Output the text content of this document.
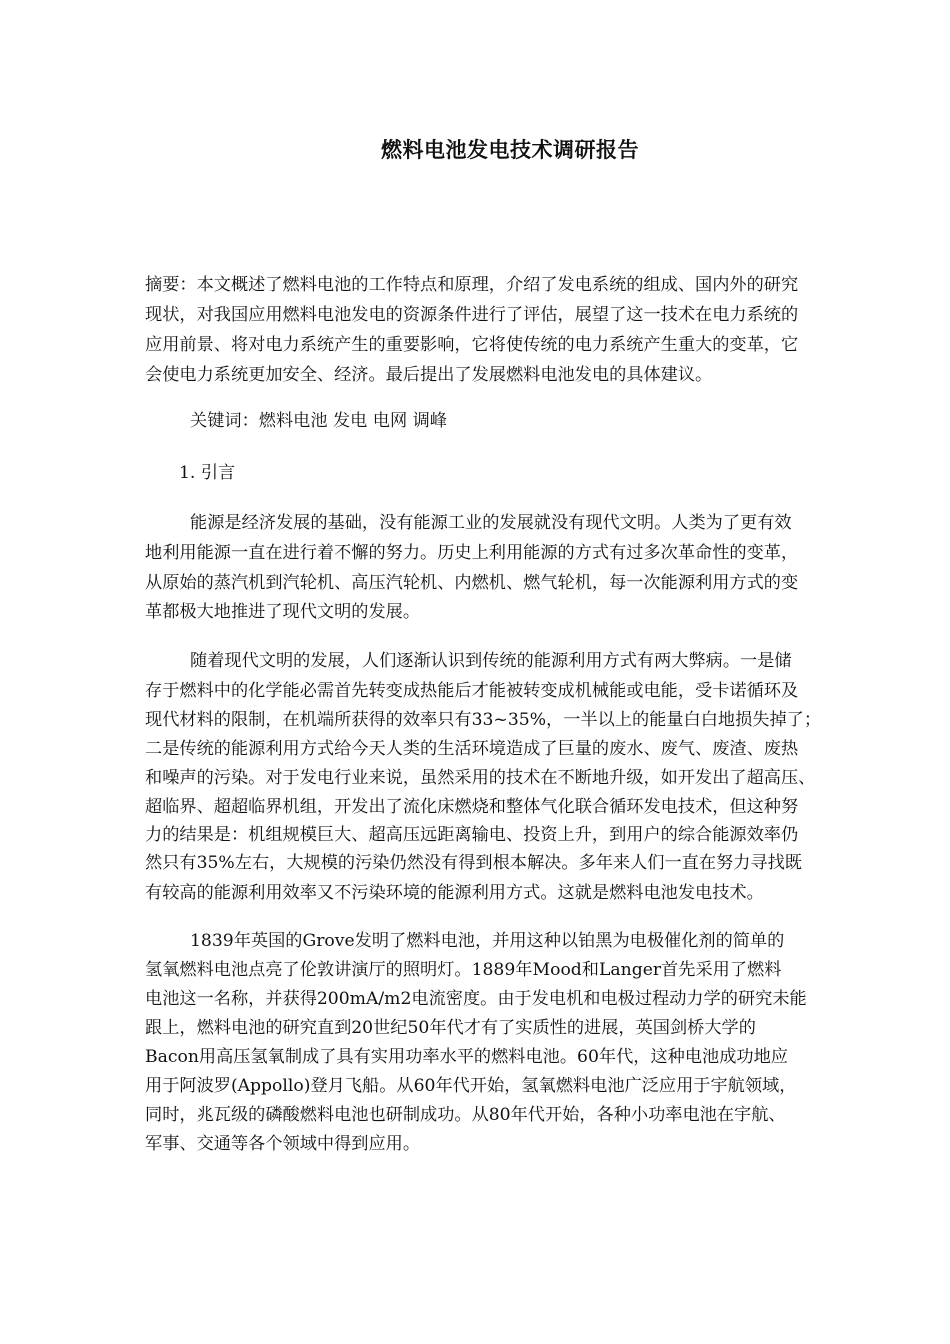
燃料电池发电技术调研报告
摘要：本文概述了燃料电池的工作特点和原理，介绍了发电系统的组成、国内外的研究
现状，对我国应用燃料电池发电的资源条件进行了评估，展望了这一技术在电力系统的
应用前景、将对电力系统产生的重要影响，它将使传统的电力系统产生重大的变革，它
会使电力系统更加安全、经济。最后提出了发展燃料电池发电的具体建议。
关键词：燃料电池 发电 电网 调峰
1. 引言
能源是经济发展的基础，没有能源工业的发展就没有现代文明。人类为了更有效
地利用能源一直在进行着不懈的努力。历史上利用能源的方式有过多次革命性的变革，
从原始的蒸汽机到汽轮机、高压汽轮机、内燃机、燃气轮机，每一次能源利用方式的变
革都极大地推进了现代文明的发展。
随着现代文明的发展，人们逐渐认识到传统的能源利用方式有两大弊病。一是储
存于燃料中的化学能必需首先转变成热能后才能被转变成机械能或电能，受卡诺循环及
现代材料的限制，在机端所获得的效率只有33~35%，一半以上的能量白白地损失掉了；
二是传统的能源利用方式给今天人类的生活环境造成了巨量的废水、废气、废渣、废热
和噪声的污染。对于发电行业来说，虽然采用的技术在不断地升级，如开发出了超高压、
超临界、超超临界机组，开发出了流化床燃烧和整体气化联合循环发电技术，但这种努
力的结果是：机组规模巨大、超高压远距离输电、投资上升，到用户的综合能源效率仍
然只有35%左右，大规模的污染仍然没有得到根本解决。多年来人们一直在努力寻找既
有较高的能源利用效率又不污染环境的能源利用方式。这就是燃料电池发电技术。
1839年英国的Grove发明了燃料电池，并用这种以铂黑为电极催化剂的简单的
氢氧燃料电池点亮了伦敦讲演厅的照明灯。1889年Mood和Langer首先采用了燃料
电池这一名称，并获得200mA/m2电流密度。由于发电机和电极过程动力学的研究未能
跟上，燃料电池的研究直到20世纪50年代才有了实质性的进展，英国剑桥大学的
Bacon用高压氢氧制成了具有实用功率水平的燃料电池。60年代，这种电池成功地应
用于阿波罗(Appollo)登月飞船。从60年代开始，氢氧燃料电池广泛应用于宇航领域，
同时，兆瓦级的磷酸燃料电池也研制成功。从80年代开始，各种小功率电池在宇航、
军事、交通等各个领域中得到应用。
